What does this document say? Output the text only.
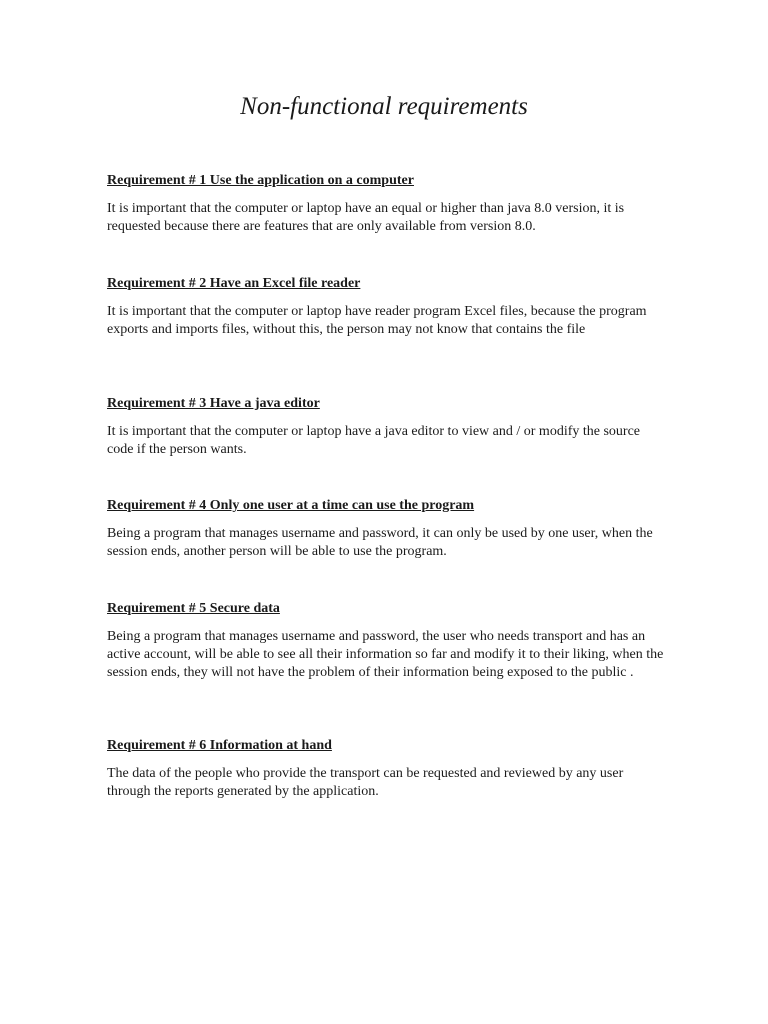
Non-functional requirements

Requirement # 1 Use the application on a computer

It is important that the computer or laptop have an equal or higher than java 8.0 version, it is requested because there are features that are only available from version 8.0.

Requirement # 2 Have an Excel file reader

It is important that the computer or laptop have reader program Excel files, because the program exports and imports files, without this, the person may not know that contains the file

Requirement # 3 Have a java editor

It is important that the computer or laptop have a java editor to view and / or modify the source code if the person wants.

Requirement # 4 Only one user at a time can use the program

Being a program that manages username and password, it can only be used by one user, when the session ends, another person will be able to use the program.

Requirement # 5 Secure data

Being a program that manages username and password, the user who needs transport and has an active account, will be able to see all their information so far and modify it to their liking, when the session ends, they will not have the problem of their information being exposed to the public .

Requirement # 6 Information at hand

The data of the people who provide the transport can be requested and reviewed by any user through the reports generated by the application.
